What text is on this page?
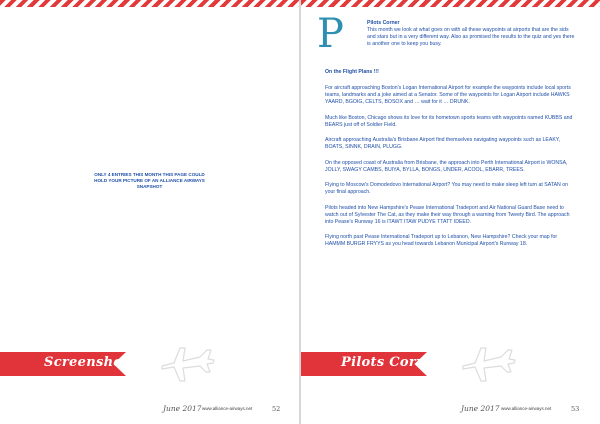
ONLY 4 ENTRIES THIS MONTH THIS PAGE COULD
HOLD YOUR PICTURE OF AN ALLIANCE AIRWAYS
SNAPSHOT
Screenshots
June 2017 www.alliance-airways.net	52
P	Pilots Corner
This month we look at what goes on with all these waypoints at airports that are the sids and stars but in a very different way. Also as promised the results to the quiz and yes there is another one to keep you busy.

On the Flight Plans !!!

For aircraft approaching Boston's Logan International Airport for example the waypoints include local sports teams, landmarks and a joke aimed at a Senator. Some of the waypoints for Logan Airport include HAWKS YAARD, BGOIG, CELTS, BOSOX and … wait for it … DRUNK.

Much like Boston, Chicago shows its love for its hometown sports teams with waypoints named KUBBS and BEARS just off of Soldier Field.

Aircraft approaching Australia's Brisbane Airport find themselves navigating waypoints such as LEAKY, BOATS, SINNK, DRAIN, PLUGG.

On the opposed coast of Australia from Brisbane, the approach into Perth International Airport is WONSA, JOLLY, SWAGY CAMBS, BUIYA, BYLLA, BONGS, UNDER, ACOOL, EBARR, TREES.

Flying to Moscow's Domodedovo International Airport? You may need to make sleep left turn at SATAN on your final approach.

Pilots headed into New Hampshire's Pease International Tradeport and Air National Guard Base need to watch out of Sylvester The Cat, as they make their way through a warning from Tweety Bird. The approach into Pease's Runway 16 is ITAWT ITAW PUDYE TTATT IDEED.

Flying north past Pease International Tradeport up to Lebanon, New Hampshire? Check your map for HAMMM BURGR FRYYS as you head towards Lebanon Municipal Airport's Runway 18.

Pilots Corner
June 2017 www.alliance-airways.net	53
